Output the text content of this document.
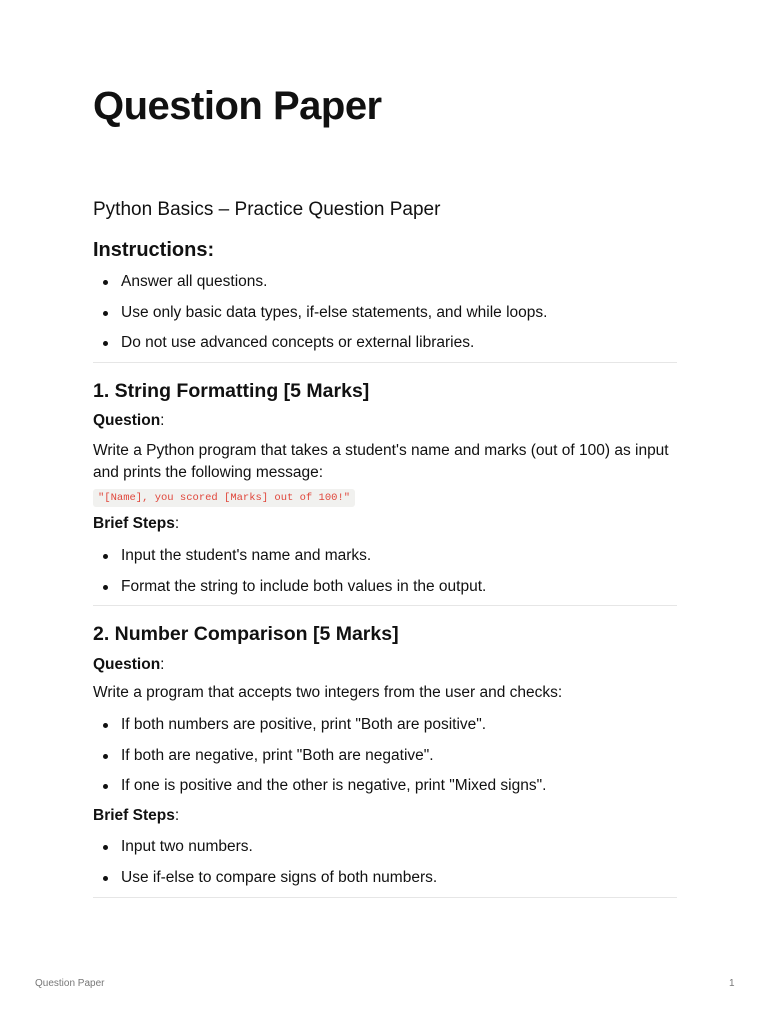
Question Paper
Python Basics – Practice Question Paper
Instructions:
Answer all questions.
Use only basic data types, if-else statements, and while loops.
Do not use advanced concepts or external libraries.
1. String Formatting [5 Marks]
Question:

Write a Python program that takes a student's name and marks (out of 100) as input and prints the following message:

"[Name], you scored [Marks] out of 100!"
Brief Steps:
Input the student's name and marks.
Format the string to include both values in the output.
2. Number Comparison [5 Marks]
Question:

Write a program that accepts two integers from the user and checks:

If both numbers are positive, print "Both are positive".
If both are negative, print "Both are negative".
If one is positive and the other is negative, print "Mixed signs".
Brief Steps:
Input two numbers.
Use if-else to compare signs of both numbers.
Question Paper	1
